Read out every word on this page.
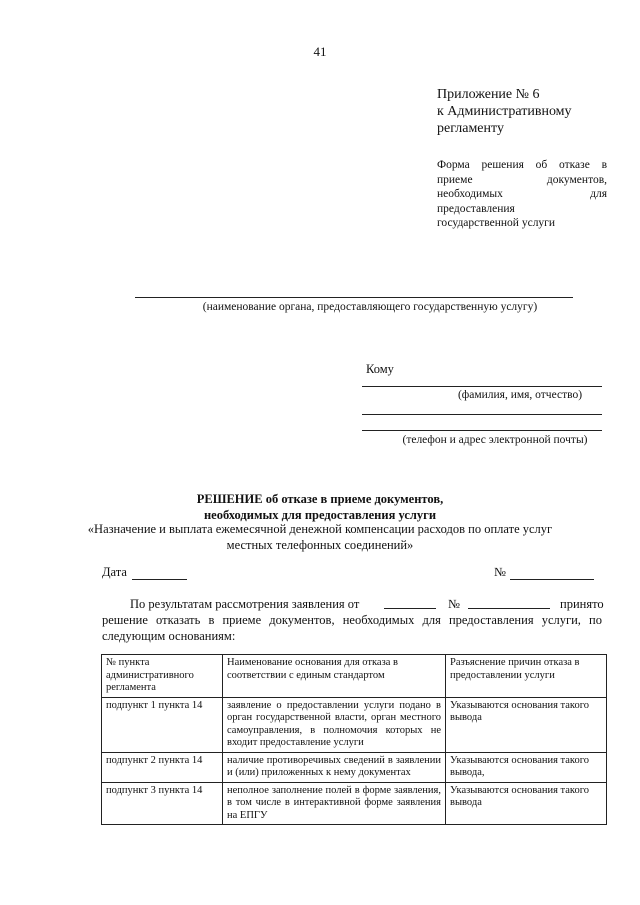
41
Приложение № 6
к Административному
регламенту
Форма решения об отказе в
приеме документов,
необходимых для
предоставления
государственной услуги
(наименование органа, предоставляющего государственную услугу)
Кому
(фамилия, имя, отчество)
(телефон и адрес электронной почты)
РЕШЕНИЕ об отказе в приеме документов,
необходимых для предоставления услуги
«Назначение и выплата ежемесячной денежной компенсации расходов по оплате услуг
местных телефонных соединений»
Дата	№
По результатам рассмотрения заявления от	№	принято
решение отказать в приеме документов, необходимых для предоставления услуги, по
следующим основаниям:
№ пункта административного регламента	Наименование основания для отказа в соответствии с единым стандартом	Разъяснение причин отказа в предоставлении услуги
подпункт 1 пункта 14	заявление о предоставлении услуги подано в орган государственной власти, орган местного самоуправления, в полномочия которых не входит предоставление услуги	Указываются основания такого вывода
подпункт 2 пункта 14	наличие противоречивых сведений в заявлении и (или) приложенных к нему документах	Указываются основания такого вывода,
подпункт 3 пункта 14	неполное заполнение полей в форме заявления, в том числе в интерактивной форме заявления на ЕПГУ	Указываются основания такого вывода
